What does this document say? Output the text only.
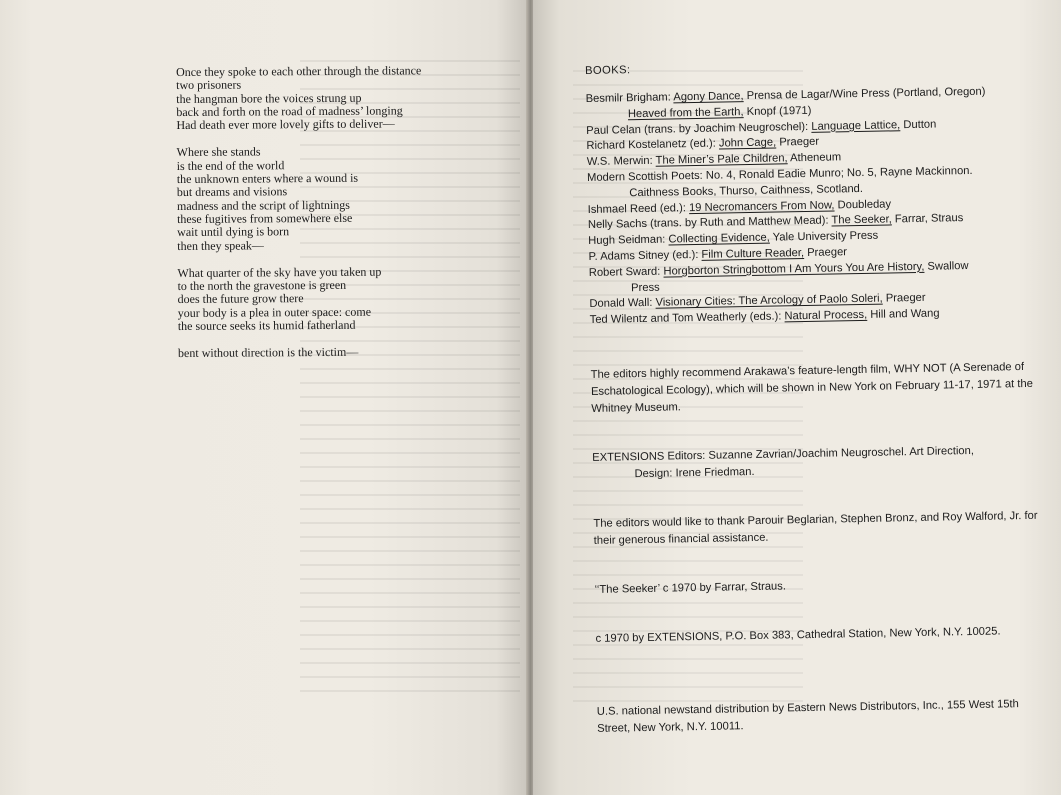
Once they spoke to each other through the distance
two prisoners
the hangman bore the voices strung up
back and forth on the road of madness’ longing
Had death ever more lovely gifts to deliver—
Where she stands
is the end of the world
the unknown enters where a wound is
but dreams and visions
madness and the script of lightnings
these fugitives from somewhere else
wait until dying is born
then they speak—
What quarter of the sky have you taken up
to the north the gravestone is green
does the future grow there
your body is a plea in outer space: come
the source seeks its humid fatherland
bent without direction is the victim—
BOOKS:
Besmilr Brigham: Agony Dance, Prensa de Lagar/Wine Press (Portland, Oregon)
Heaved from the Earth, Knopf (1971)
Paul Celan (trans. by Joachim Neugroschel): Language Lattice, Dutton
Richard Kostelanetz (ed.): John Cage, Praeger
W.S. Merwin: The Miner’s Pale Children, Atheneum
Modern Scottish Poets: No. 4, Ronald Eadie Munro; No. 5, Rayne Mackinnon.
Caithness Books, Thurso, Caithness, Scotland.
Ishmael Reed (ed.): 19 Necromancers From Now, Doubleday
Nelly Sachs (trans. by Ruth and Matthew Mead): The Seeker, Farrar, Straus
Hugh Seidman: Collecting Evidence, Yale University Press
P. Adams Sitney (ed.): Film Culture Reader, Praeger
Robert Sward: Horgborton Stringbottom I Am Yours You Are History, Swallow
Press
Donald Wall: Visionary Cities: The Arcology of Paolo Soleri, Praeger
Ted Wilentz and Tom Weatherly (eds.): Natural Process, Hill and Wang
The editors highly recommend Arakawa’s feature-length film, WHY NOT (A Serenade of Eschatological Ecology), which will be shown in New York on February 11-17, 1971 at the Whitney Museum.
EXTENSIONS Editors: Suzanne Zavrian/Joachim Neugroschel. Art Direction,
Design: Irene Friedman.
The editors would like to thank Parouir Beglarian, Stephen Bronz, and Roy Walford, Jr. for their generous financial assistance.
‘‘The Seeker’ c 1970 by Farrar, Straus.
c 1970 by EXTENSIONS, P.O. Box 383, Cathedral Station, New York, N.Y. 10025.
U.S. national newstand distribution by Eastern News Distributors, Inc., 155 West 15th Street, New York, N.Y. 10011.
